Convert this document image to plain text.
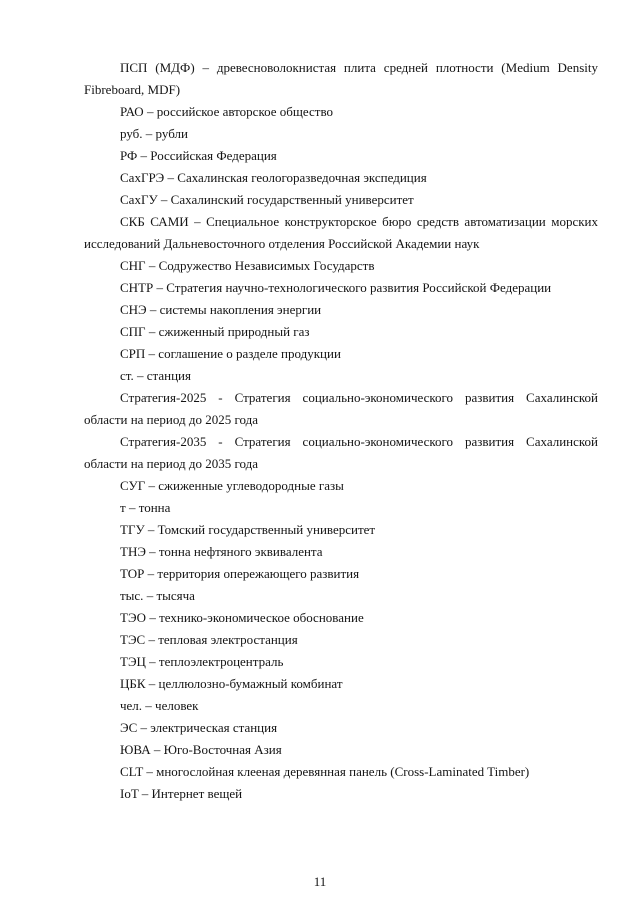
ПСП (МДФ) – древесноволокнистая плита средней плотности (Medium Density Fibreboard, MDF)

РАО – российское авторское общество

руб. – рубли

РФ – Российская Федерация

СахГРЭ – Сахалинская геологоразведочная экспедиция

СахГУ – Сахалинский государственный университет

СКБ САМИ – Специальное конструкторское бюро средств автоматизации морских исследований Дальневосточного отделения Российской Академии наук

СНГ – Содружество Независимых Государств

СНТР – Стратегия научно-технологического развития Российской Федерации

СНЭ – системы накопления энергии

СПГ – сжиженный природный газ

СРП – соглашение о разделе продукции

ст. – станция

Стратегия-2025 - Стратегия социально-экономического развития Сахалинской области на период до 2025 года

Стратегия-2035 - Стратегия социально-экономического развития Сахалинской области на период до 2035 года

СУГ – сжиженные углеводородные газы

т – тонна

ТГУ – Томский государственный университет

ТНЭ – тонна нефтяного эквивалента

ТОР – территория опережающего развития

тыс. – тысяча

ТЭО – технико-экономическое обоснование

ТЭС – тепловая электростанция

ТЭЦ – теплоэлектроцентраль

ЦБК – целлюлозно-бумажный комбинат

чел. – человек

ЭС – электрическая станция

ЮВА – Юго-Восточная Азия

CLT – многослойная клееная деревянная панель (Cross-Laminated Timber)

IoT – Интернет вещей

11
